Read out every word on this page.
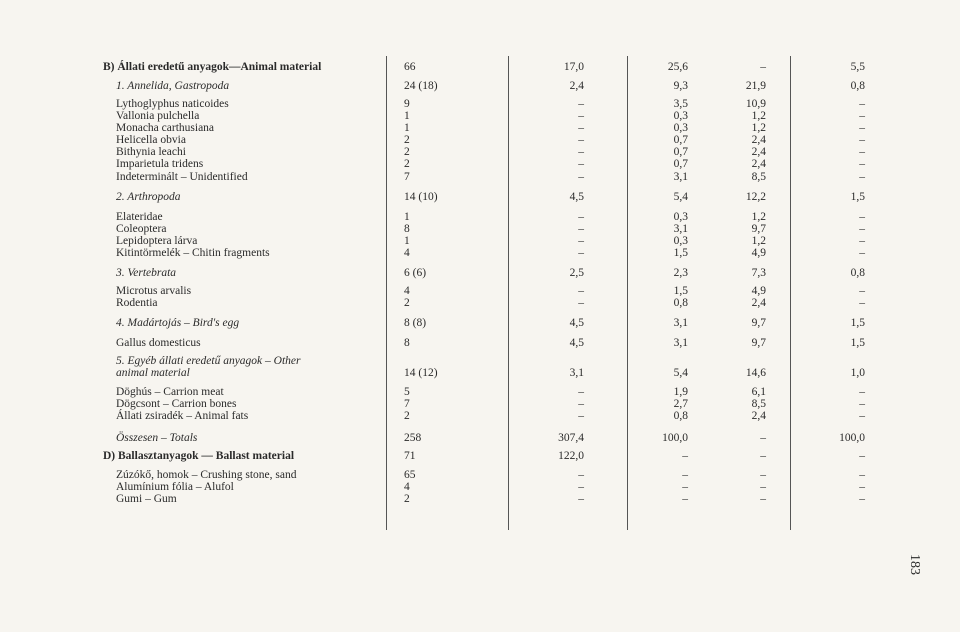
B) Állati eredetű anyagok—Animal material	66	17,0	25,6	–	5,5
1. Annelida, Gastropoda	24 (18)	2,4	9,3	21,9	0,8
Lythoglyphus naticoides	9	–	3,5	10,9	–
Vallonia pulchella	1	–	0,3	1,2	–
Monacha carthusiana	1	–	0,3	1,2	–
Helicella obvia	2	–	0,7	2,4	–
Bithynia leachi	2	–	0,7	2,4	–
Imparietula tridens	2	–	0,7	2,4	–
Indeterminált – Unidentified	7	–	3,1	8,5	–
2. Arthropoda	14 (10)	4,5	5,4	12,2	1,5
Elateridae	1	–	0,3	1,2	–
Coleoptera	8	–	3,1	9,7	–
Lepidoptera lárva	1	–	0,3	1,2	–
Kitintörmelék – Chitin fragments	4	–	1,5	4,9	–
3. Vertebrata	6 (6)	2,5	2,3	7,3	0,8
Microtus arvalis	4	–	1,5	4,9	–
Rodentia	2	–	0,8	2,4	–
4. Madártojás – Bird's egg	8 (8)	4,5	3,1	9,7	1,5
Gallus domesticus	8	4,5	3,1	9,7	1,5
5. Egyéb állati eredetű anyagok – Other
animal material	14 (12)	3,1	5,4	14,6	1,0
Döghús – Carrion meat	5	–	1,9	6,1	–
Dögcsont – Carrion bones	7	–	2,7	8,5	–
Állati zsiradék – Animal fats	2	–	0,8	2,4	–
Összesen – Totals	258	307,4	100,0	–	100,0
D) Ballasztanyagok — Ballast material	71	122,0	–	–	–
Zúzókő, homok – Crushing stone, sand	65	–	–	–	–
Alumínium fólia – Alufol	4	–	–	–	–
Gumi – Gum	2	–	–	–	–
183
